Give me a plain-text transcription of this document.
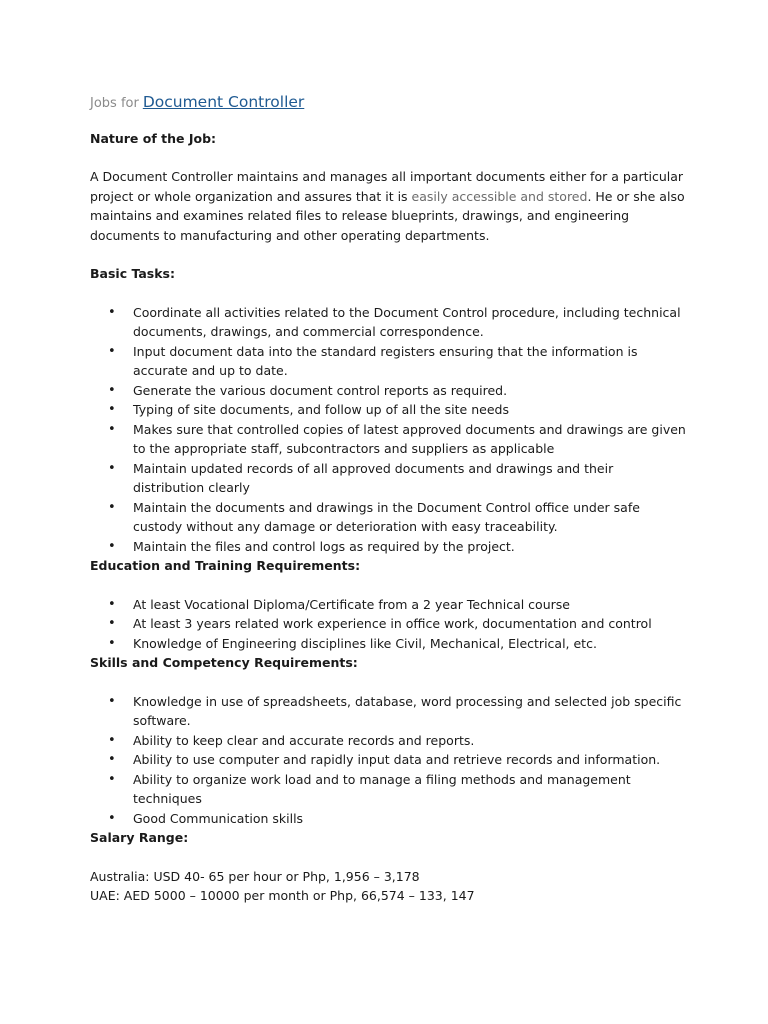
Jobs for Document Controller

Nature of the Job:

A Document Controller maintains and manages all important documents either for a particular project or whole organization and assures that it is easily accessible and stored. He or she also maintains and examines related files to release blueprints, drawings, and engineering documents to manufacturing and other operating departments.

Basic Tasks:

• Coordinate all activities related to the Document Control procedure, including technical documents, drawings, and commercial correspondence.
• Input document data into the standard registers ensuring that the information is accurate and up to date.
• Generate the various document control reports as required.
• Typing of site documents, and follow up of all the site needs
• Makes sure that controlled copies of latest approved documents and drawings are given to the appropriate staff, subcontractors and suppliers as applicable
• Maintain updated records of all approved documents and drawings and their distribution clearly
• Maintain the documents and drawings in the Document Control office under safe custody without any damage or deterioration with easy traceability.
• Maintain the files and control logs as required by the project.

Education and Training Requirements:

• At least Vocational Diploma/Certificate from a 2 year Technical course
• At least 3 years related work experience in office work, documentation and control
• Knowledge of Engineering disciplines like Civil, Mechanical, Electrical, etc.

Skills and Competency Requirements:

• Knowledge in use of spreadsheets, database, word processing and selected job specific software.
• Ability to keep clear and accurate records and reports.
• Ability to use computer and rapidly input data and retrieve records and information.
• Ability to organize work load and to manage a filing methods and management techniques
• Good Communication skills

Salary Range:

Australia: USD 40- 65 per hour or Php, 1,956 – 3,178

UAE: AED 5000 – 10000 per month or Php, 66,574 – 133, 147
